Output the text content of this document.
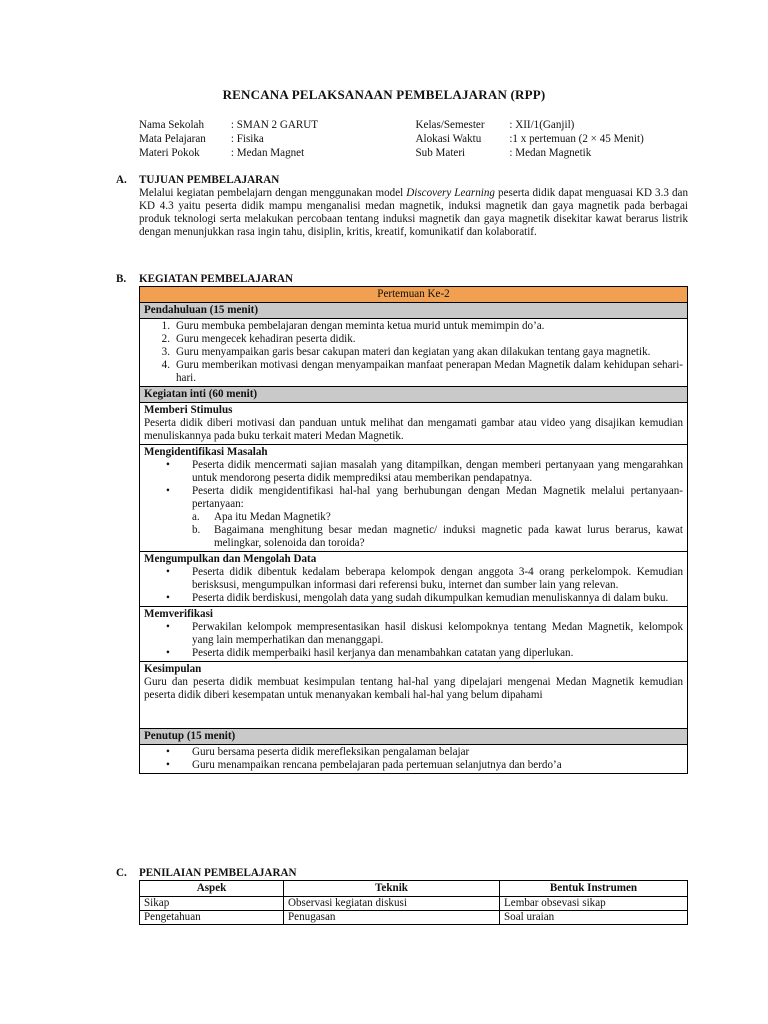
RENCANA PELAKSANAAN PEMBELAJARAN (RPP)
Nama Sekolah	: SMAN 2 GARUT	Kelas/Semester	: XII/1(Ganjil)
Mata Pelajaran	: Fisika	Alokasi Waktu	:1 x pertemuan (2 × 45 Menit)
Materi Pokok	: Medan Magnet	Sub Materi	: Medan Magnetik
A.	TUJUAN PEMBELAJARAN
Melalui kegiatan pembelajarn dengan menggunakan model Discovery Learning peserta didik dapat menguasai KD 3.3 dan KD 4.3 yaitu peserta didik mampu menganalisi medan magnetik, induksi magnetik dan gaya magnetik pada berbagai produk teknologi serta melakukan percobaan tentang induksi magnetik dan gaya magnetik disekitar kawat berarus listrik dengan menunjukkan rasa ingin tahu, disiplin, kritis, kreatif, komunikatif dan kolaboratif.
B.	KEGIATAN PEMBELAJARAN
Pertemuan Ke-2
Pendahuluan (15 menit)

1. Guru membuka pembelajaran dengan meminta ketua murid untuk memimpin do’a.
2. Guru mengecek kehadiran peserta didik.
3. Guru menyampaikan garis besar cakupan materi dan kegiatan yang akan dilakukan tentang gaya magnetik.
4. Guru memberikan motivasi dengan menyampaikan manfaat penerapan Medan Magnetik dalam kehidupan sehari-hari.

Kegiatan inti (60 menit)

Memberi Stimulus
Peserta didik diberi motivasi dan panduan untuk melihat dan mengamati gambar atau video yang disajikan kemudian menuliskannya pada buku terkait materi Medan Magnetik.

Mengidentifikasi Masalah
•	Peserta didik mencermati sajian masalah yang ditampilkan, dengan memberi pertanyaan yang mengarahkan untuk mendorong peserta didik memprediksi atau memberikan pendapatnya.
•	Peserta didik mengidentifikasi hal-hal yang berhubungan dengan Medan Magnetik melalui pertanyaan-pertanyaan:
a.	Apa itu Medan Magnetik?
b.	Bagaimana menghitung besar medan magnetic/ induksi magnetic pada kawat lurus berarus, kawat melingkar, solenoida dan toroida?

Mengumpulkan dan Mengolah Data
•	Peserta didik dibentuk kedalam beberapa kelompok dengan anggota 3-4 orang perkelompok. Kemudian berisksusi, mengumpulkan informasi dari referensi buku, internet dan sumber lain yang relevan.
•	Peserta didik berdiskusi, mengolah data yang sudah dikumpulkan kemudian menuliskannya di dalam buku.

Memverifikasi
•	Perwakilan kelompok mempresentasikan hasil diskusi kelompoknya tentang Medan Magnetik, kelompok yang lain memperhatikan dan menanggapi.
•	Peserta didik memperbaiki hasil kerjanya dan menambahkan catatan yang diperlukan.

Kesimpulan
Guru dan peserta didik membuat kesimpulan tentang hal-hal yang dipelajari mengenai Medan Magnetik kemudian peserta didik diberi kesempatan untuk menanyakan kembali hal-hal yang belum dipahami

Penutup (15 menit)

•	Guru bersama peserta didik merefleksikan pengalaman belajar
•	Guru menampaikan rencana pembelajaran pada pertemuan selanjutnya dan berdo’a
C.	PENILAIAN PEMBELAJARAN
Aspek	Teknik	Bentuk Instrumen
Sikap	Observasi kegiatan diskusi	Lembar obsevasi sikap
Pengetahuan	Penugasan	Soal uraian
